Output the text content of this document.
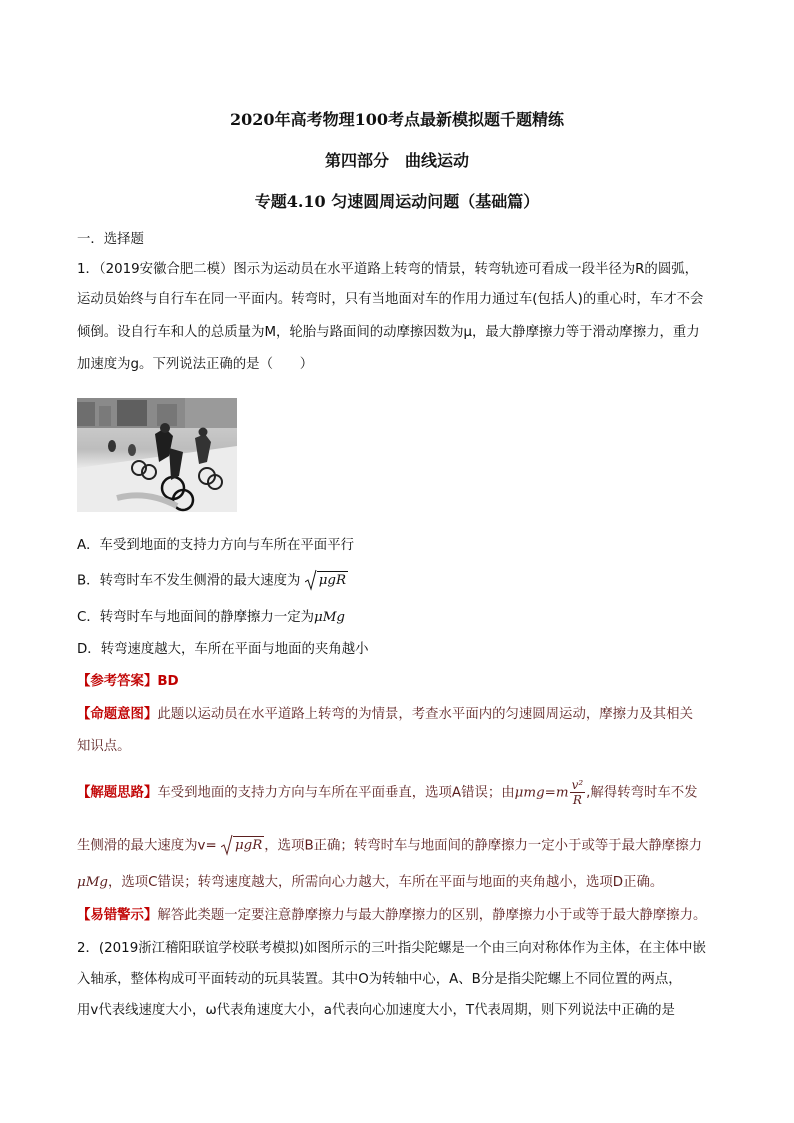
2020年高考物理100考点最新模拟题千题精练
第四部分　曲线运动
专题4.10 匀速圆周运动问题（基础篇）
一．选择题
1．（2019安徽合肥二模）图示为运动员在水平道路上转弯的情景，转弯轨迹可看成一段半径为R的圆弧，
运动员始终与自行车在同一平面内。转弯时，只有当地面对车的作用力通过车(包括人)的重心时，车才不会
倾倒。设自行车和人的总质量为M，轮胎与路面间的动摩擦因数为μ，最大静摩擦力等于滑动摩擦力，重力
加速度为g。下列说法正确的是（　　）
A．车受到地面的支持力方向与车所在平面平行
B．转弯时车不发生侧滑的最大速度为 μgR
C．转弯时车与地面间的静摩擦力一定为μMg
D．转弯速度越大，车所在平面与地面的夹角越小
【参考答案】BD
【命题意图】此题以运动员在水平道路上转弯的为情景，考查水平面内的匀速圆周运动，摩擦力及其相关
知识点。
【解题思路】车受到地面的支持力方向与车所在平面垂直，选项A错误；由$\mu mg=m \frac{\text{v²}}{R}$ ,解得转弯时车不发
生侧滑的最大速度为v= μgR ，选项B正确；转弯时车与地面间的静摩擦力一定小于或等于最大静摩擦力
μMg，选项C错误；转弯速度越大，所需向心力越大，车所在平面与地面的夹角越小，选项D正确。
【易错警示】解答此类题一定要注意静摩擦力与最大静摩擦力的区别，静摩擦力小于或等于最大静摩擦力。
2．(2019浙江稽阳联谊学校联考模拟)如图所示的三叶指尖陀螺是一个由三向对称体作为主体，在主体中嵌
入轴承，整体构成可平面转动的玩具装置。其中O为转轴中心，A、B分是指尖陀螺上不同位置的两点，
用v代表线速度大小，ω代表角速度大小，a代表向心加速度大小，T代表周期，则下列说法中正确的是
